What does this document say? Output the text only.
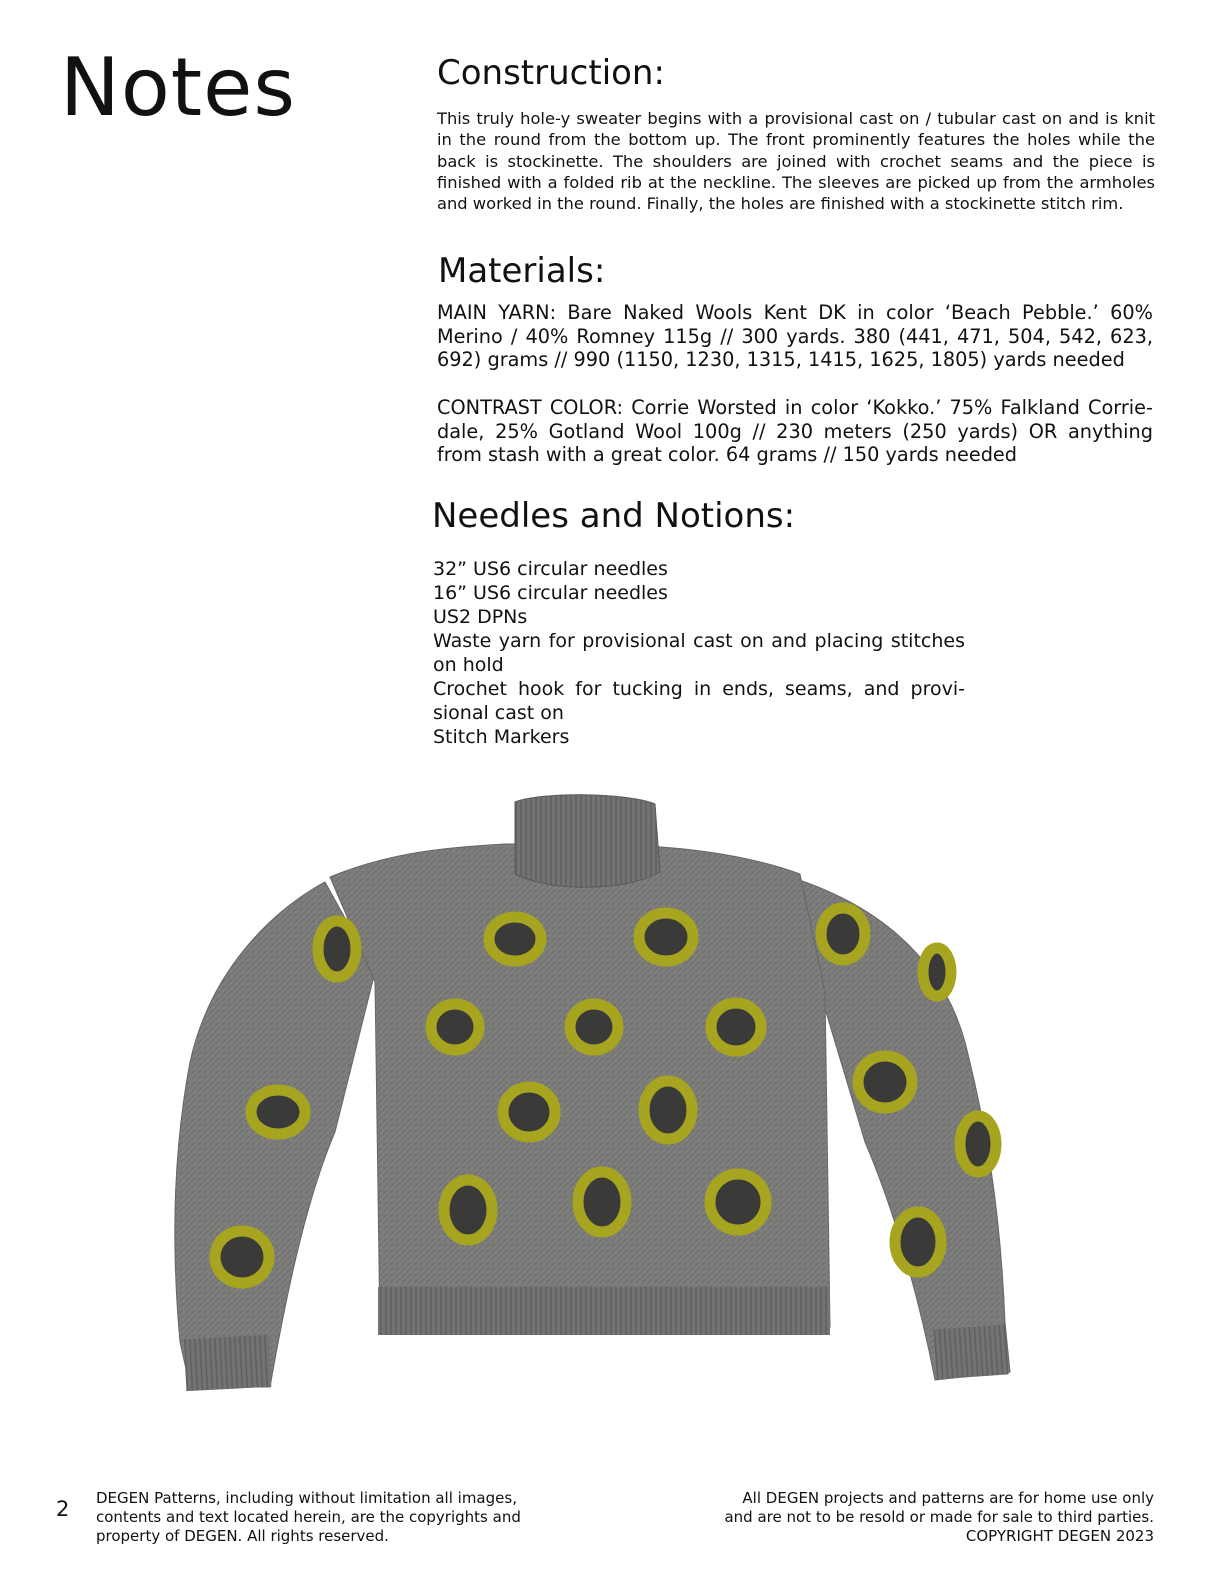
Notes	Construction:

This truly hole-y sweater begins with a provisional cast on / tubular cast on and is knit in the round from the bottom up. The front prominently features the holes while the back is stockinette. The shoulders are joined with crochet seams and the piece is finished with a folded rib at the neckline. The sleeves are picked up from the armholes and worked in the round. Finally, the holes are finished with a stockinette stitch rim.

Materials:

MAIN YARN: Bare Naked Wools Kent DK in color ‘Beach Pebble.’ 60% Merino / 40% Romney 115g // 300 yards. 380 (441, 471, 504, 542, 623, 692) grams // 990 (1150, 1230, 1315, 1415, 1625, 1805) yards needed

CONTRAST COLOR: Corrie Worsted in color ‘Kokko.’ 75% Falkland Corriedale, 25% Gotland Wool 100g // 230 meters (250 yards) OR anything from stash with a great color. 64 grams // 150 yards needed

Needles and Notions:
32” US6 circular needles
16” US6 circular needles
US2 DPNs
Waste yarn for provisional cast on and placing stitches on hold
Crochet hook for tucking in ends, seams, and provisional cast on
Stitch Markers
2 DEGEN Patterns, including without limitation all images, contents and text located herein, are the copyrights and property of DEGEN. All rights reserved.

All DEGEN projects and patterns are for home use only
and are not to be resold or made for sale to third parties.
COPYRIGHT DEGEN 2023
